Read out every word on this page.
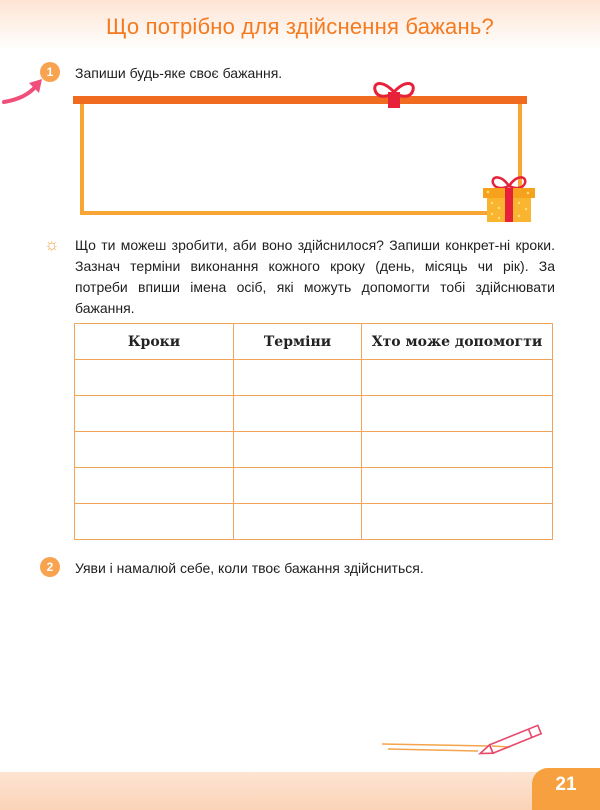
Що потрібно для здійснення бажань?
1	Запиши будь-яке своє бажання.
☼ Що ти можеш зробити, аби воно здійснилося? Запиши конкрет-ні кроки. Зазнач терміни виконання кожного кроку (день, місяць чи рік). За потреби впиши імена осіб, які можуть допомогти тобі здійснювати бажання.

Кроки	Терміни	Хто може допомогти

2	Уяви і намалюй себе, коли твоє бажання здійсниться.
21
